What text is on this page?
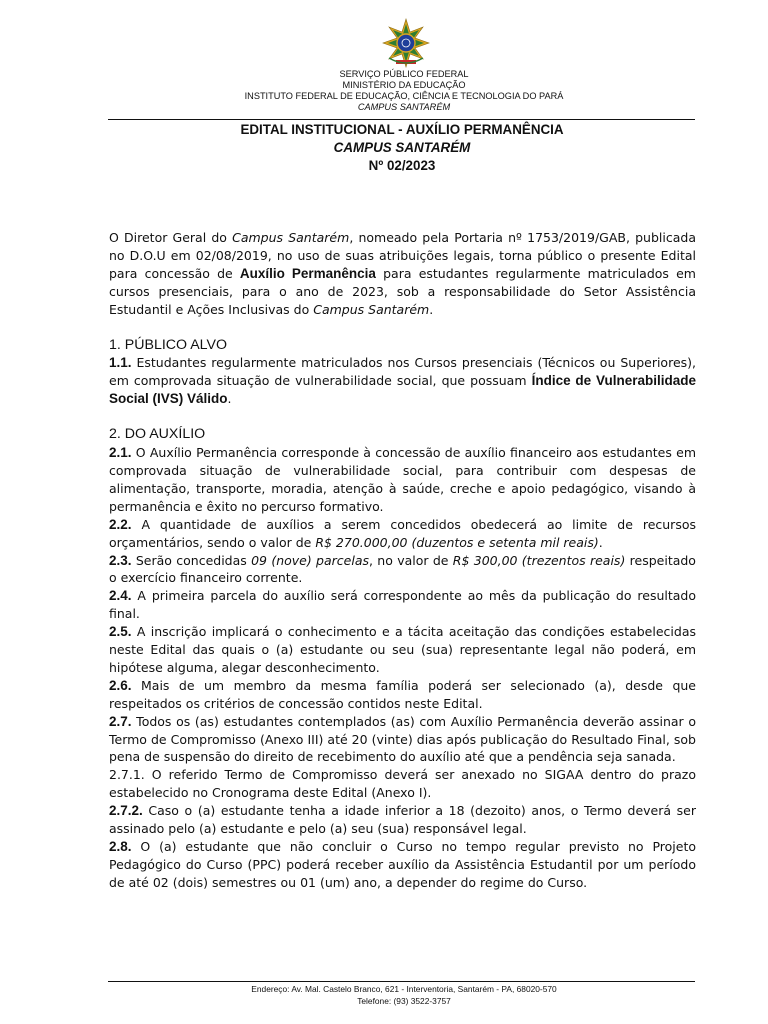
SERVIÇO PÚBLICO FEDERAL
MINISTÉRIO DA EDUCAÇÃO
INSTITUTO FEDERAL DE EDUCAÇÃO, CIÊNCIA E TECNOLOGIA DO PARÁ
CAMPUS SANTARÉM
EDITAL INSTITUCIONAL - AUXÍLIO PERMANÊNCIA
CAMPUS SANTARÉM
Nº 02/2023

O Diretor Geral do Campus Santarém, nomeado pela Portaria nº 1753/2019/GAB, publicada no D.O.U em 02/08/2019, no uso de suas atribuições legais, torna público o presente Edital para concessão de Auxílio Permanência para estudantes regularmente matriculados em cursos presenciais, para o ano de 2023, sob a responsabilidade do Setor Assistência Estudantil e Ações Inclusivas do Campus Santarém.

1. PÚBLICO ALVO

1.1. Estudantes regularmente matriculados nos Cursos presenciais (Técnicos ou Superiores), em comprovada situação de vulnerabilidade social, que possuam Índice de Vulnerabilidade Social (IVS) Válido.

2. DO AUXÍLIO

2.1. O Auxílio Permanência corresponde à concessão de auxílio financeiro aos estudantes em comprovada situação de vulnerabilidade social, para contribuir com despesas de alimentação, transporte, moradia, atenção à saúde, creche e apoio pedagógico, visando à permanência e êxito no percurso formativo.

2.2. A quantidade de auxílios a serem concedidos obedecerá ao limite de recursos orçamentários, sendo o valor de R$ 270.000,00 (duzentos e setenta mil reais).

2.3. Serão concedidas 09 (nove) parcelas, no valor de R$ 300,00 (trezentos reais) respeitado o exercício financeiro corrente.

2.4. A primeira parcela do auxílio será correspondente ao mês da publicação do resultado final.

2.5. A inscrição implicará o conhecimento e a tácita aceitação das condições estabelecidas neste Edital das quais o (a) estudante ou seu (sua) representante legal não poderá, em hipótese alguma, alegar desconhecimento.

2.6. Mais de um membro da mesma família poderá ser selecionado (a), desde que respeitados os critérios de concessão contidos neste Edital.

2.7. Todos os (as) estudantes contemplados (as) com Auxílio Permanência deverão assinar o Termo de Compromisso (Anexo III) até 20 (vinte) dias após publicação do Resultado Final, sob pena de suspensão do direito de recebimento do auxílio até que a pendência seja sanada.

2.7.1. O referido Termo de Compromisso deverá ser anexado no SIGAA dentro do prazo estabelecido no Cronograma deste Edital (Anexo I).

2.7.2. Caso o (a) estudante tenha a idade inferior a 18 (dezoito) anos, o Termo deverá ser assinado pelo (a) estudante e pelo (a) seu (sua) responsável legal.

2.8. O (a) estudante que não concluir o Curso no tempo regular previsto no Projeto Pedagógico do Curso (PPC) poderá receber auxílio da Assistência Estudantil por um período de até 02 (dois) semestres ou 01 (um) ano, a depender do regime do Curso.

Endereço: Av. Mal. Castelo Branco, 621 - Interventoria, Santarém - PA, 68020-570
Telefone: (93) 3522-3757
